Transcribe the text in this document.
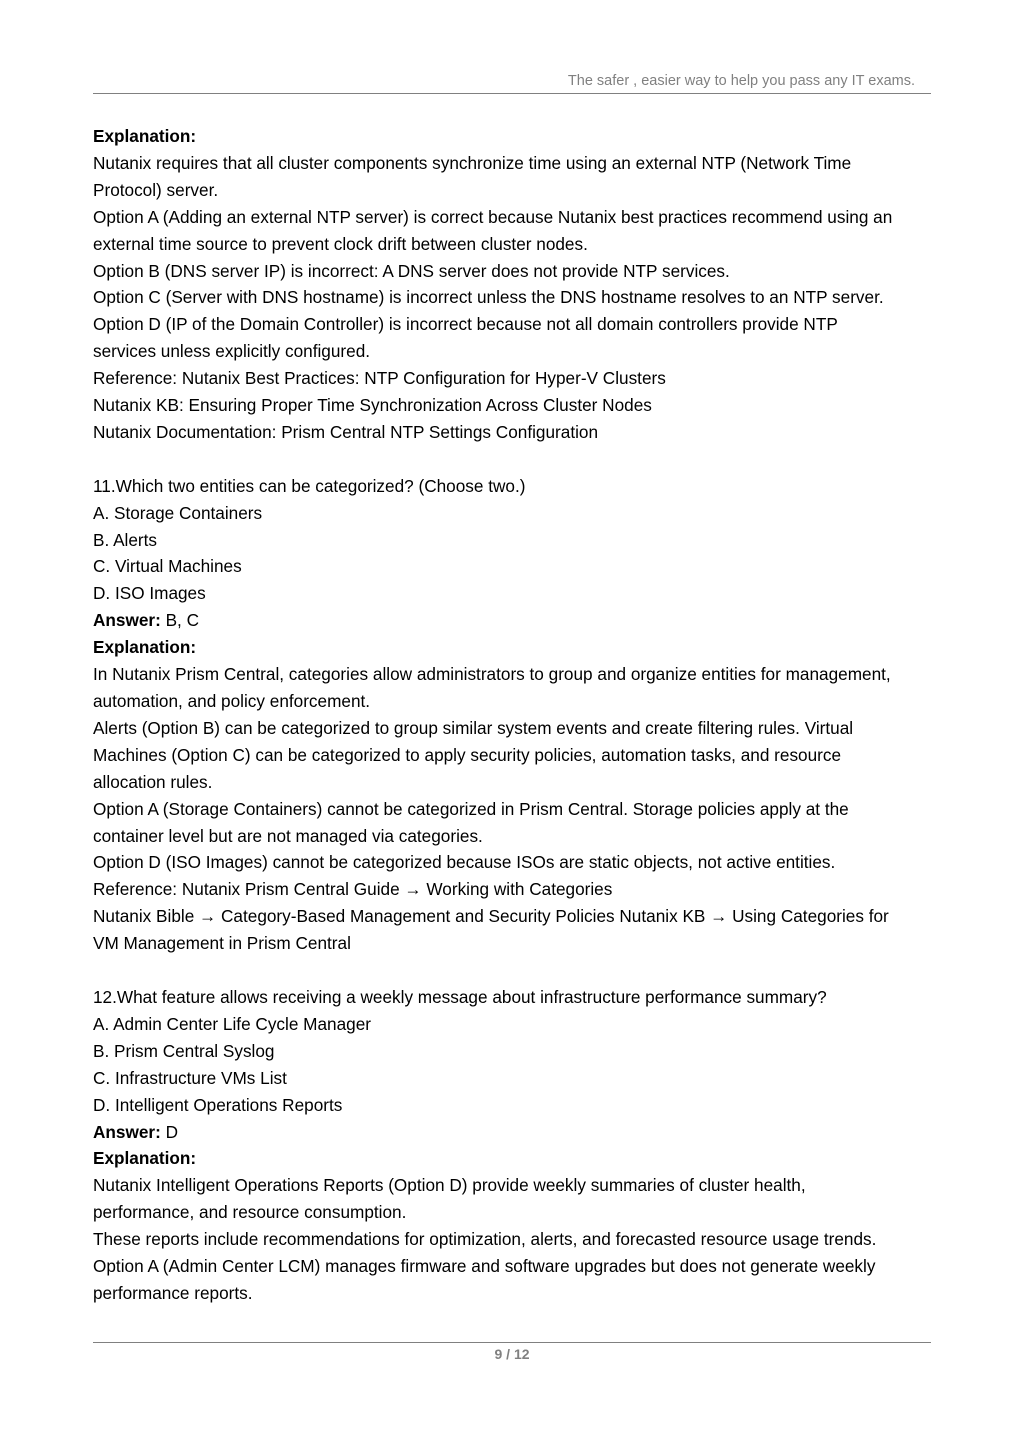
The safer , easier way to help you pass any IT exams.

Explanation:

Nutanix requires that all cluster components synchronize time using an external NTP (Network Time

Protocol) server.

Option A (Adding an external NTP server) is correct because Nutanix best practices recommend using an

external time source to prevent clock drift between cluster nodes.

Option B (DNS server IP) is incorrect: A DNS server does not provide NTP services.

Option C (Server with DNS hostname) is incorrect unless the DNS hostname resolves to an NTP server.

Option D (IP of the Domain Controller) is incorrect because not all domain controllers provide NTP

services unless explicitly configured.

Reference: Nutanix Best Practices: NTP Configuration for Hyper-V Clusters

Nutanix KB: Ensuring Proper Time Synchronization Across Cluster Nodes

Nutanix Documentation: Prism Central NTP Settings Configuration

11.Which two entities can be categorized? (Choose two.)

A. Storage Containers

B. Alerts

C. Virtual Machines

D. ISO Images

Answer: B, C

Explanation:

In Nutanix Prism Central, categories allow administrators to group and organize entities for management,

automation, and policy enforcement.

Alerts (Option B) can be categorized to group similar system events and create filtering rules. Virtual

Machines (Option C) can be categorized to apply security policies, automation tasks, and resource

allocation rules.

Option A (Storage Containers) cannot be categorized in Prism Central. Storage policies apply at the

container level but are not managed via categories.

Option D (ISO Images) cannot be categorized because ISOs are static objects, not active entities.

Reference: Nutanix Prism Central Guide → Working with Categories

Nutanix Bible → Category-Based Management and Security Policies Nutanix KB → Using Categories for

VM Management in Prism Central

12.What feature allows receiving a weekly message about infrastructure performance summary?

A. Admin Center Life Cycle Manager

B. Prism Central Syslog

C. Infrastructure VMs List

D. Intelligent Operations Reports

Answer: D

Explanation:

Nutanix Intelligent Operations Reports (Option D) provide weekly summaries of cluster health,

performance, and resource consumption.

These reports include recommendations for optimization, alerts, and forecasted resource usage trends.

Option A (Admin Center LCM) manages firmware and software upgrades but does not generate weekly

performance reports.

9 / 12
